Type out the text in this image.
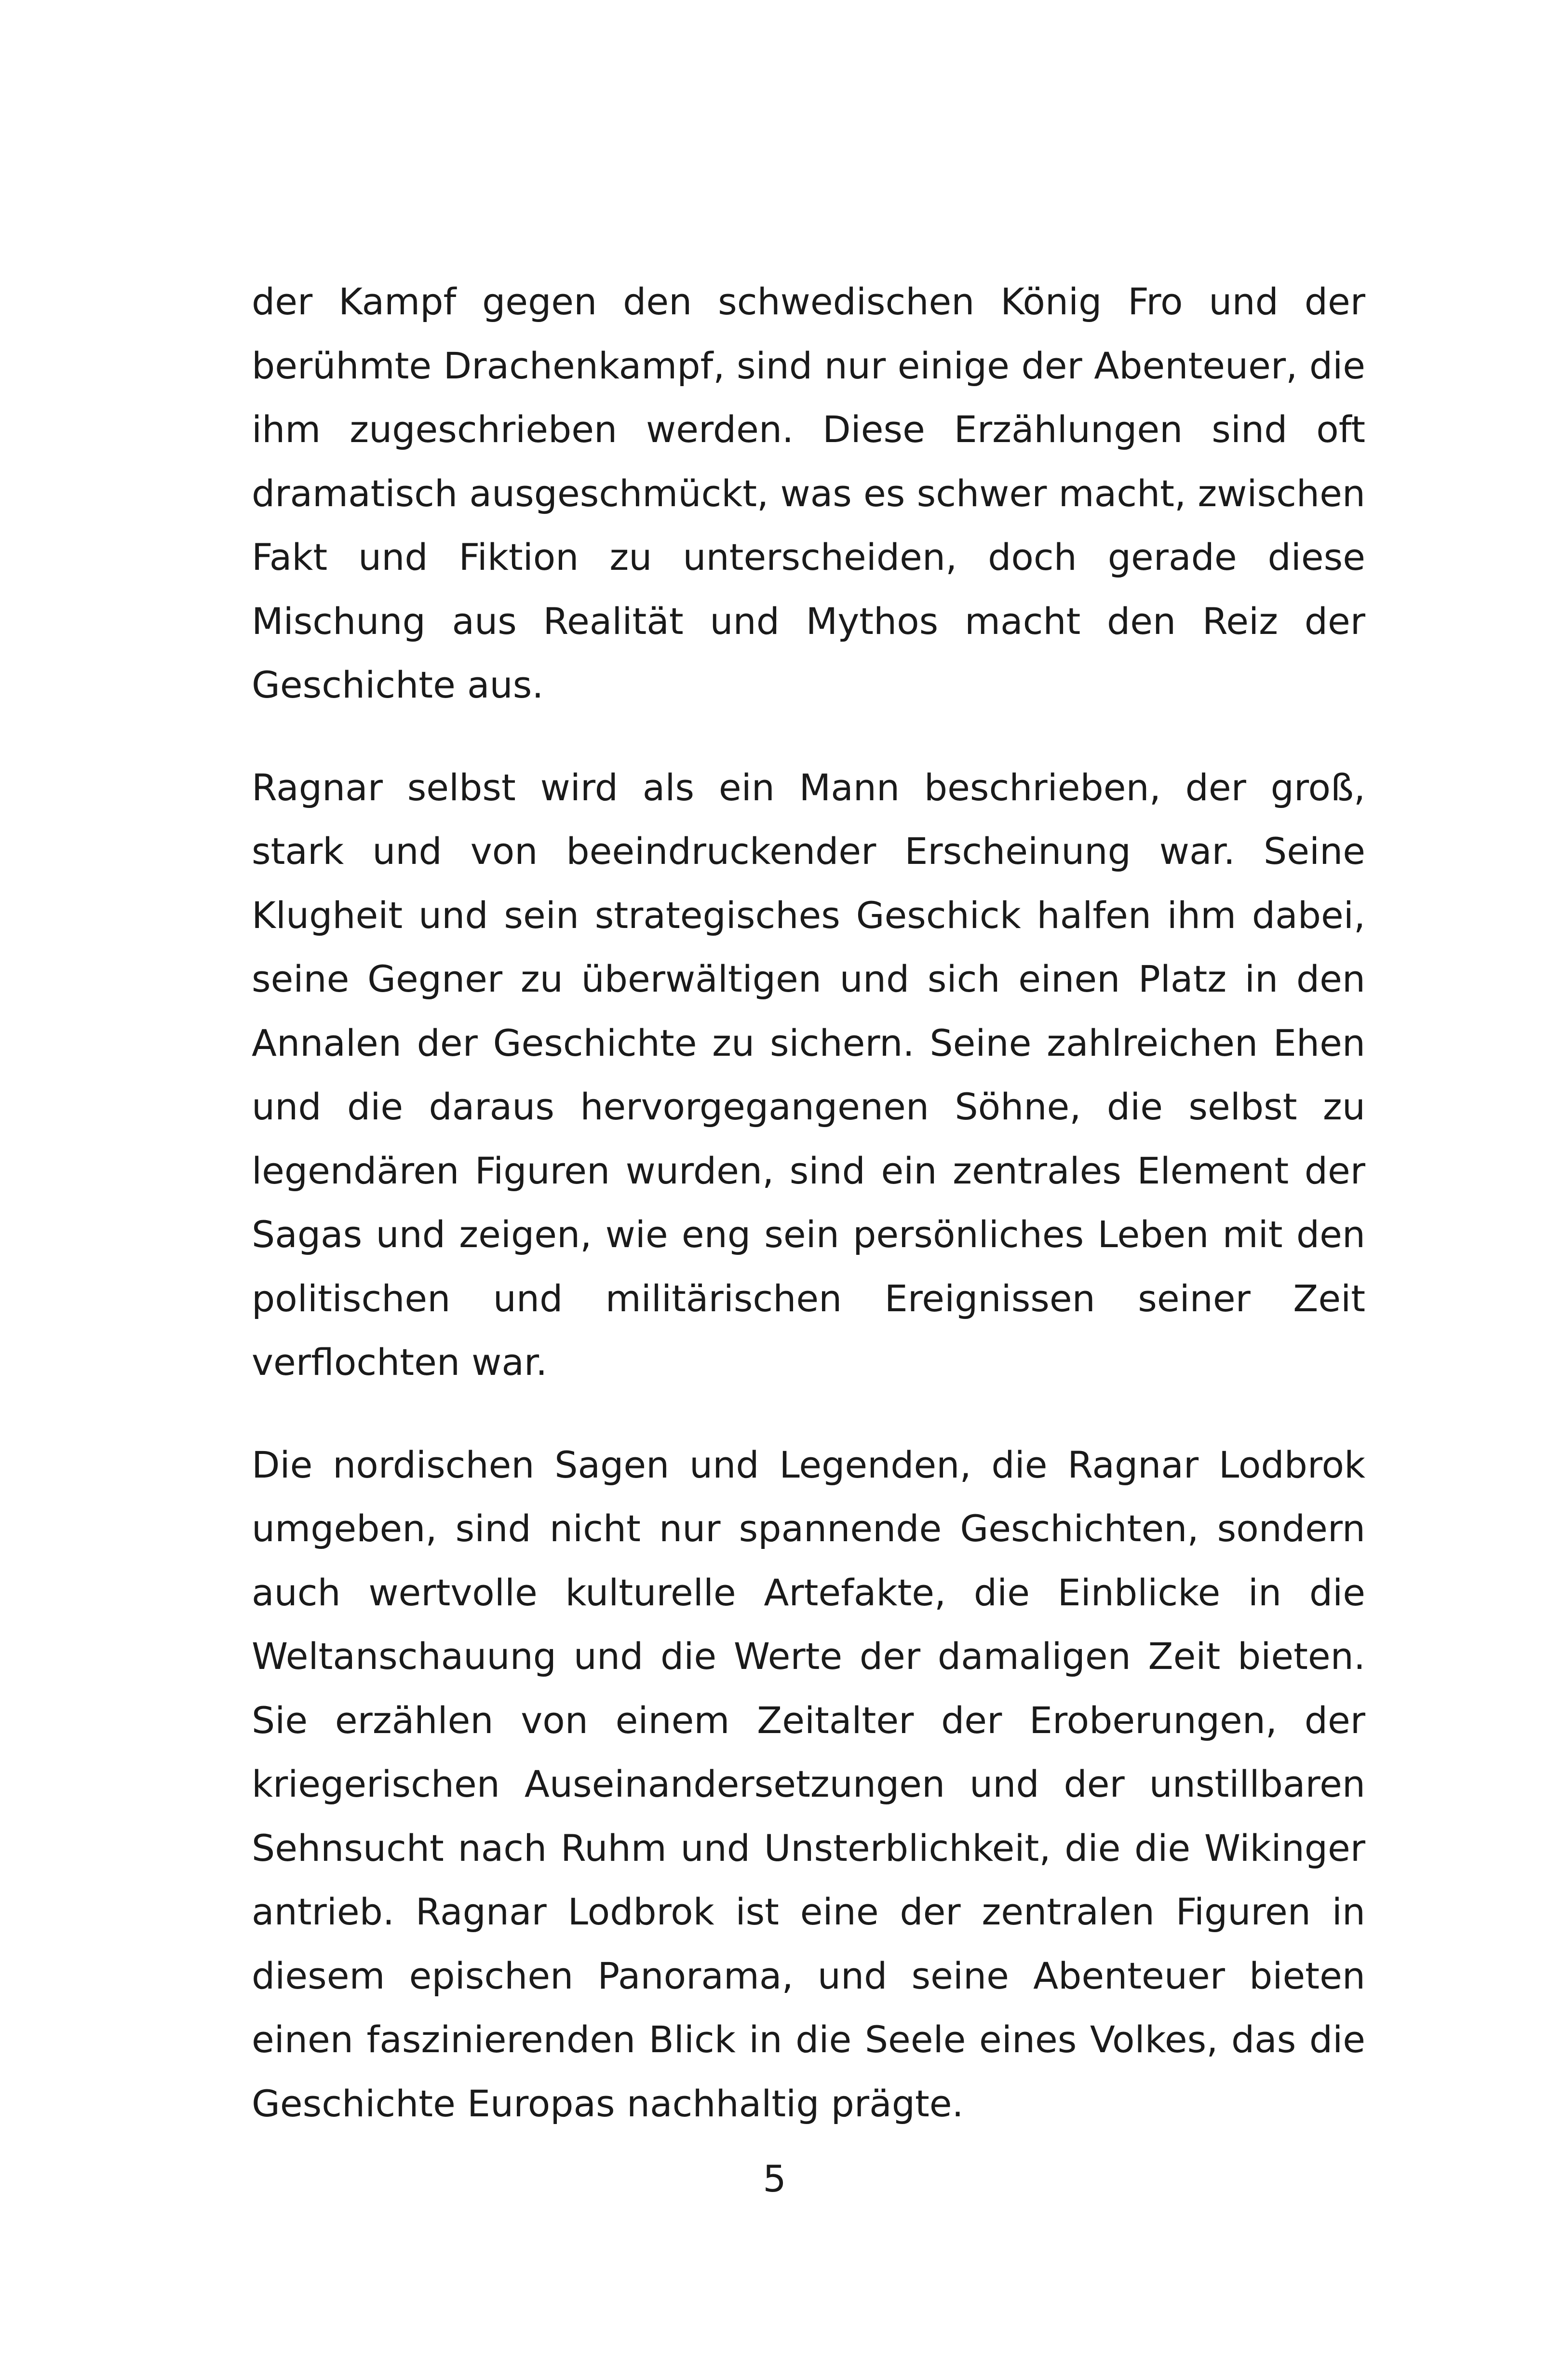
der Kampf gegen den schwedischen König Fro und der berühmte Drachenkampf, sind nur einige der Abenteuer, die ihm zugeschrieben werden. Diese Erzählungen sind oft dramatisch ausgeschmückt, was es schwer macht, zwischen Fakt und Fiktion zu unterscheiden, doch gerade diese Mischung aus Realität und Mythos macht den Reiz der Geschichte aus.

Ragnar selbst wird als ein Mann beschrieben, der groß, stark und von beeindruckender Erscheinung war. Seine Klugheit und sein strategisches Geschick halfen ihm dabei, seine Gegner zu überwältigen und sich einen Platz in den Annalen der Geschichte zu sichern. Seine zahlreichen Ehen und die daraus hervorgegangenen Söhne, die selbst zu legendären Figuren wurden, sind ein zentrales Element der Sagas und zeigen, wie eng sein persönliches Leben mit den politischen und militärischen Ereignissen seiner Zeit verflochten war.

Die nordischen Sagen und Legenden, die Ragnar Lodbrok umgeben, sind nicht nur spannende Geschichten, sondern auch wertvolle kulturelle Artefakte, die Einblicke in die Weltanschauung und die Werte der damaligen Zeit bieten. Sie erzählen von einem Zeitalter der Eroberungen, der kriegerischen Auseinandersetzungen und der unstillbaren Sehnsucht nach Ruhm und Unsterblichkeit, die die Wikinger antrieb. Ragnar Lodbrok ist eine der zentralen Figuren in diesem epischen Panorama, und seine Abenteuer bieten einen faszinierenden Blick in die Seele eines Volkes, das die Geschichte Europas nachhaltig prägte.

5
